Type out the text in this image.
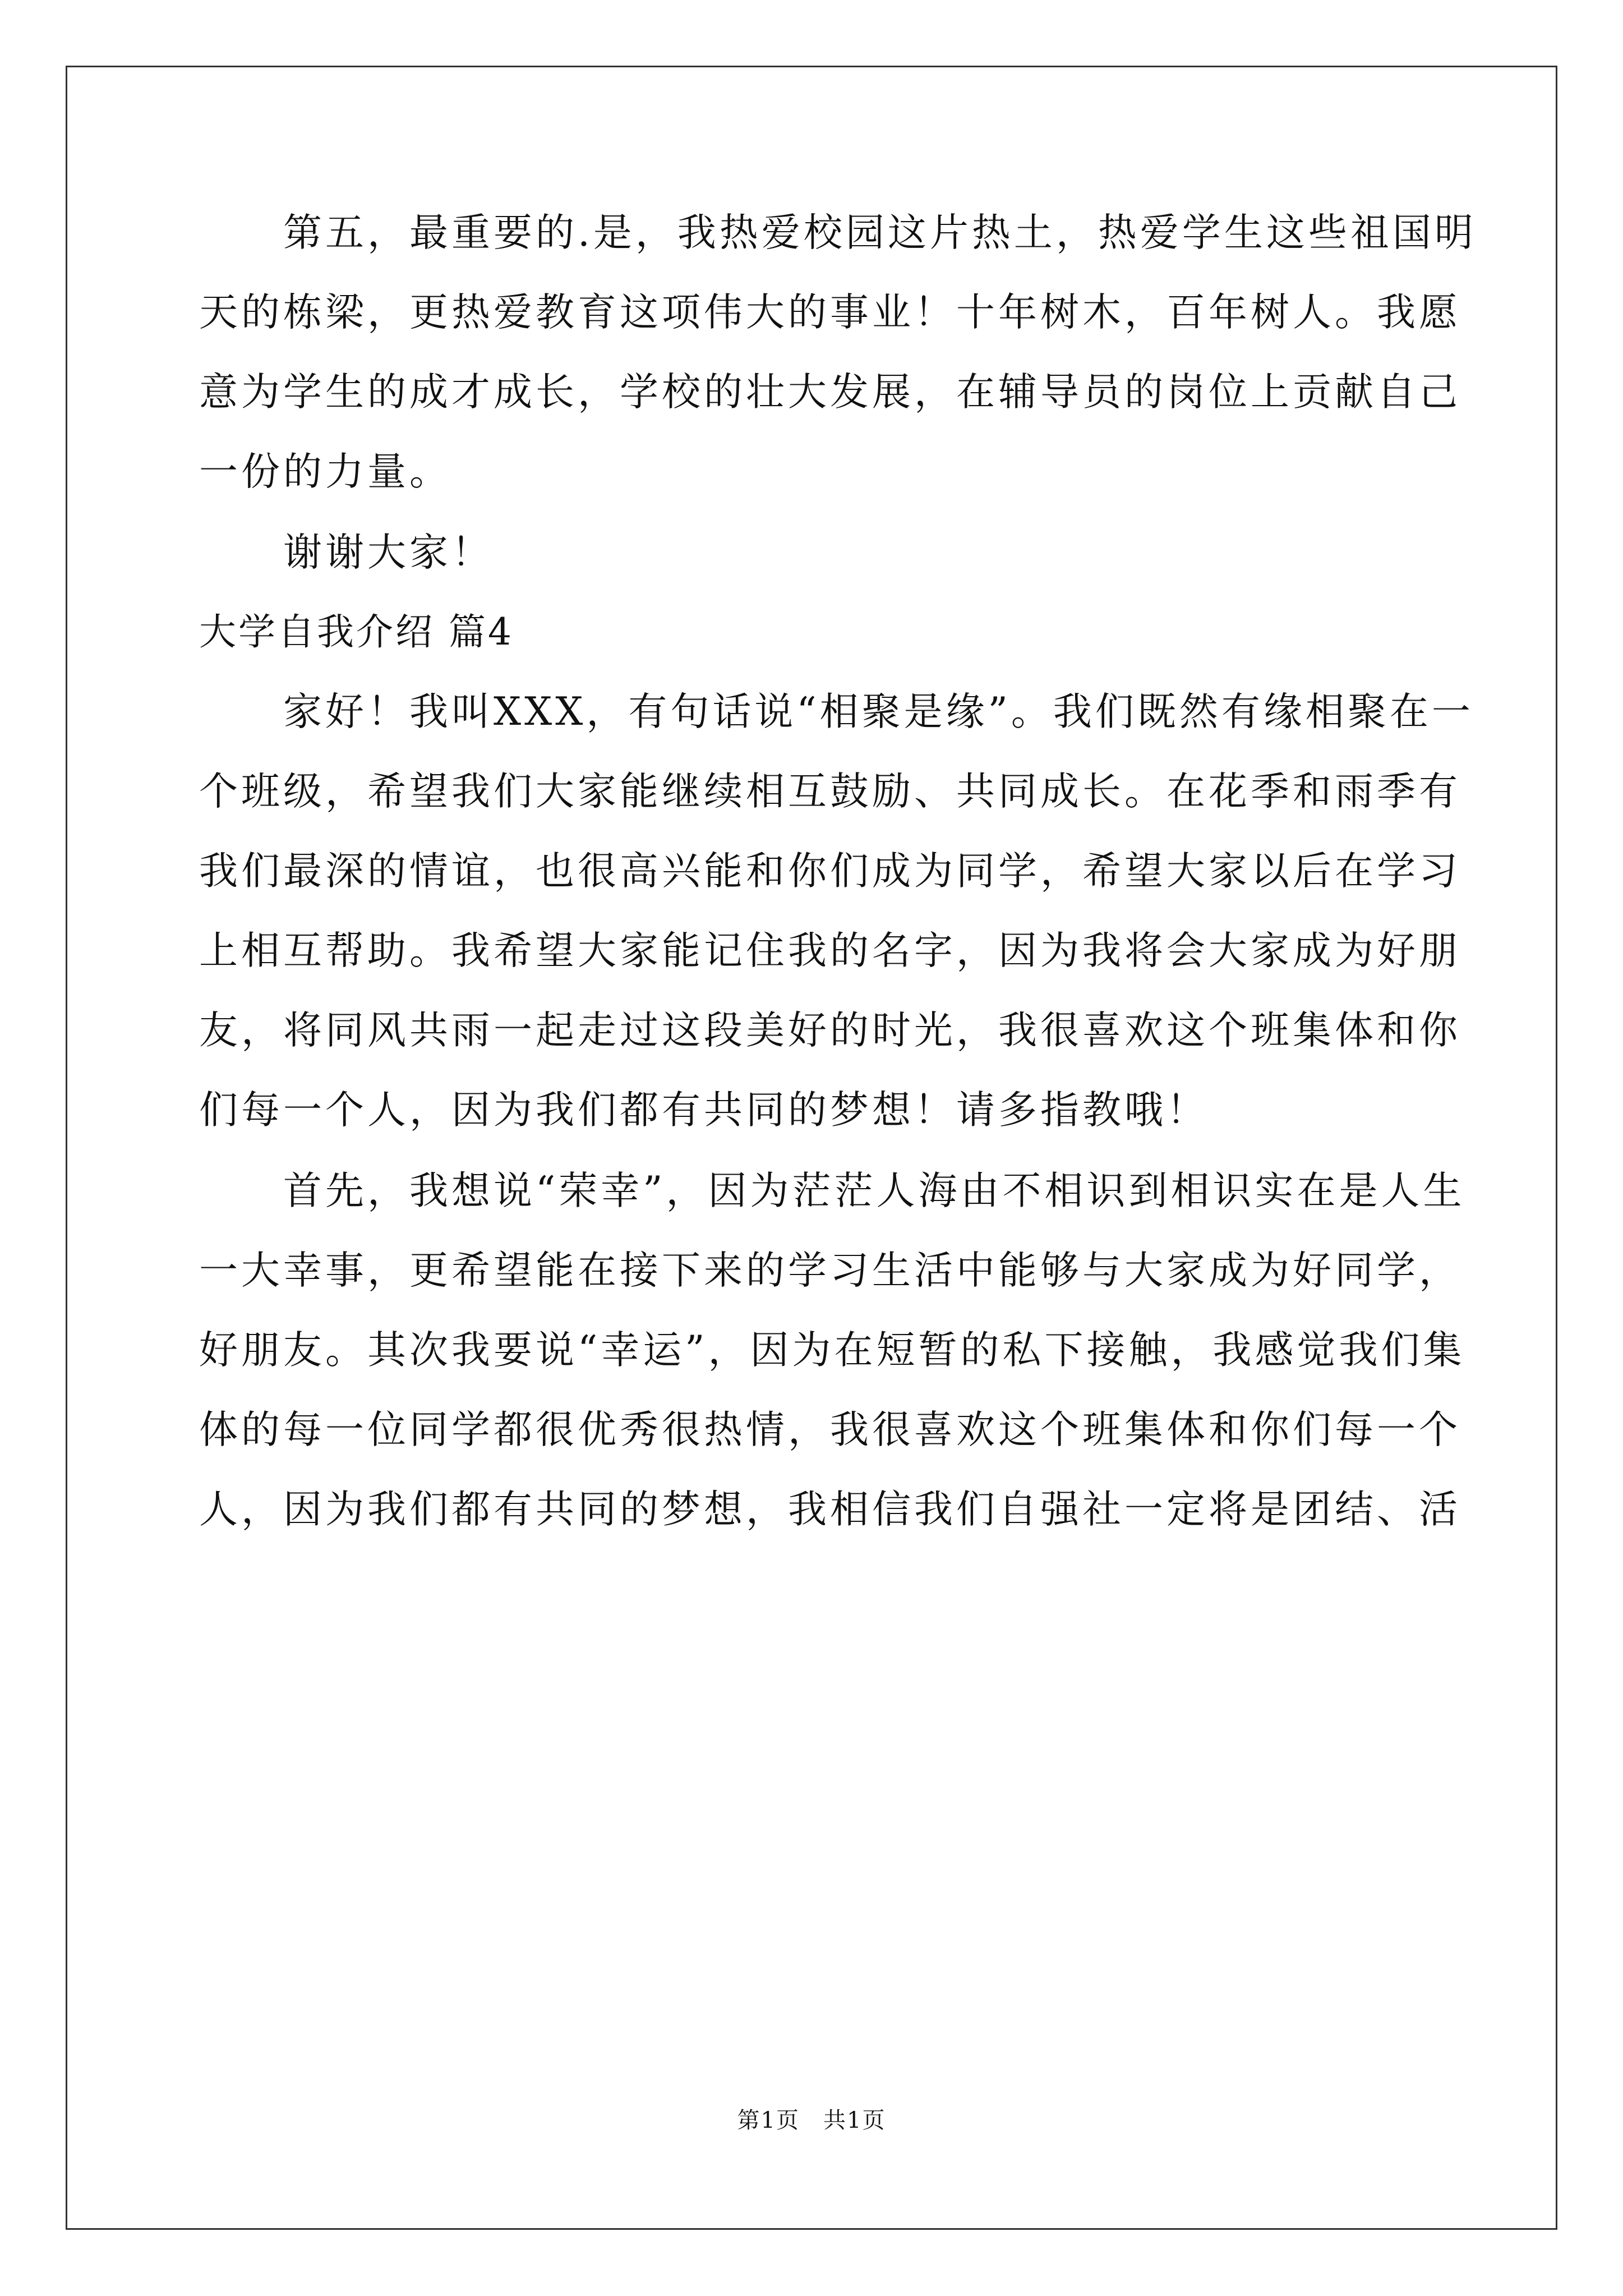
第五，最重要的.是，我热爱校园这片热土，热爱学生这些祖国明
天的栋梁，更热爱教育这项伟大的事业！十年树木，百年树人。我愿
意为学生的成才成长，学校的壮大发展，在辅导员的岗位上贡献自己
一份的力量。
谢谢大家！
大学自我介绍 篇4
家好！我叫XXX，有句话说“相聚是缘”。我们既然有缘相聚在一
个班级，希望我们大家能继续相互鼓励、共同成长。在花季和雨季有
我们最深的情谊，也很高兴能和你们成为同学，希望大家以后在学习
上相互帮助。我希望大家能记住我的名字，因为我将会大家成为好朋
友，将同风共雨一起走过这段美好的时光，我很喜欢这个班集体和你
们每一个人，因为我们都有共同的梦想！请多指教哦！
首先，我想说“荣幸”，因为茫茫人海由不相识到相识实在是人生
一大幸事，更希望能在接下来的学习生活中能够与大家成为好同学，
好朋友。其次我要说“幸运”，因为在短暂的私下接触，我感觉我们集
体的每一位同学都很优秀很热情，我很喜欢这个班集体和你们每一个
人，因为我们都有共同的梦想，我相信我们自强社一定将是团结、活
第1页　共1页
